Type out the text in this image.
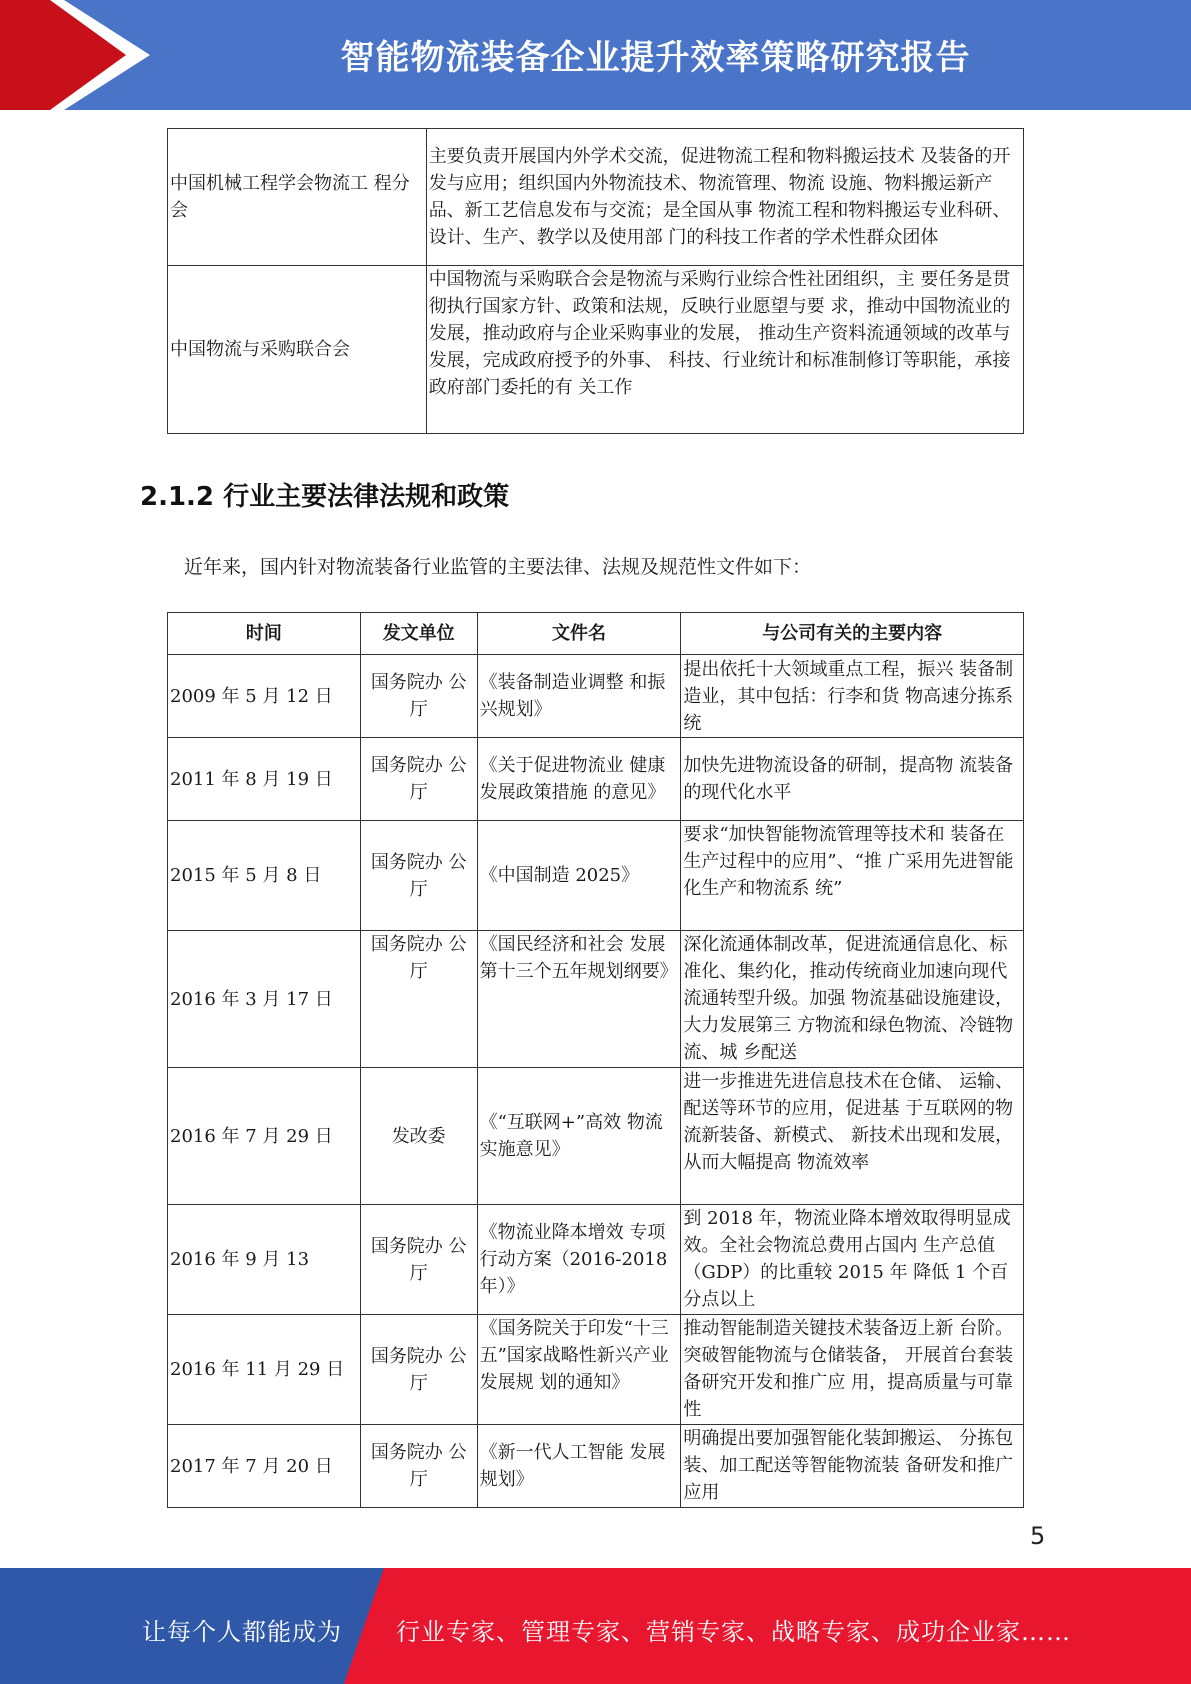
智能物流装备企业提升效率策略研究报告
中国机械工程学会物流工 程分会	主要负责开展国内外学术交流，促进物流工程和物料搬运技术 及装备的开发与应用；组织国内外物流技术、物流管理、物流 设施、物料搬运新产品、新工艺信息发布与交流；是全国从事 物流工程和物料搬运专业科研、设计、生产、教学以及使用部 门的科技工作者的学术性群众团体
中国物流与采购联合会	中国物流与采购联合会是物流与采购行业综合性社团组织，主 要任务是贯彻执行国家方针、政策和法规，反映行业愿望与要 求，推动中国物流业的发展，推动政府与企业采购事业的发展， 推动生产资料流通领域的改革与发展，完成政府授予的外事、 科技、行业统计和标准制修订等职能，承接政府部门委托的有 关工作
2.1.2 行业主要法律法规和政策
近年来，国内针对物流装备行业监管的主要法律、法规及规范性文件如下：
时间	发文单位	文件名	与公司有关的主要内容
2009 年 5 月 12 日	国务院办 公厅	《装备制造业调整 和振兴规划》	提出依托十大领域重点工程，振兴 装备制造业，其中包括：行李和货 物高速分拣系统
2011 年 8 月 19 日	国务院办 公厅	《关于促进物流业 健康发展政策措施 的意见》	加快先进物流设备的研制，提高物 流装备的现代化水平
2015 年 5 月 8 日	国务院办 公厅	《中国制造 2025》	要求“加快智能物流管理等技术和 装备在生产过程中的应用”、“推 广采用先进智能化生产和物流系 统”
2016 年 3 月 17 日	国务院办 公厅	《国民经济和社会 发展第十三个五年规划纲要》	深化流通体制改革，促进流通信息化、标准化、集约化，推动传统商业加速向现代流通转型升级。加强 物流基础设施建设，大力发展第三 方物流和绿色物流、冷链物流、城 乡配送
2016 年 7 月 29 日	发改委	《“互联网+”高效 物流实施意见》	进一步推进先进信息技术在仓储、 运输、配送等环节的应用，促进基 于互联网的物流新装备、新模式、 新技术出现和发展，从而大幅提高 物流效率
2016 年 9 月 13	国务院办 公厅	《物流业降本增效 专项行动方案（2016-2018 年）》	到 2018 年，物流业降本增效取得明显成效。全社会物流总费用占国内 生产总值（GDP）的比重较 2015 年 降低 1 个百分点以上
2016 年 11 月 29 日	国务院办 公厅	《国务院关于印发“十三五”国家战略性新兴产业发展规 划的通知》	推动智能制造关键技术装备迈上新 台阶。突破智能物流与仓储装备， 开展首台套装备研究开发和推广应 用，提高质量与可靠性
2017 年 7 月 20 日	国务院办 公厅	《新一代人工智能 发展规划》	明确提出要加强智能化装卸搬运、 分拣包装、加工配送等智能物流装 备研发和推广应用
5
让每个人都能成为 行业专家、管理专家、营销专家、战略专家、成功企业家……
